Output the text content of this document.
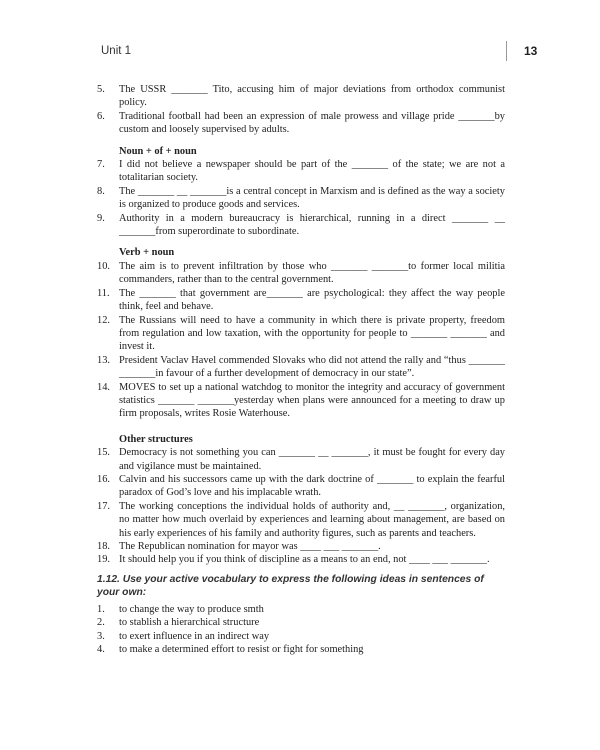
Unit 1	13
5.	The USSR _______ Tito, accusing him of major deviations from orthodox communist policy.
6.	Traditional football had been an expression of male prowess and village pride _______by custom and loosely supervised by adults.
Noun + of + noun
7.	I did not believe a newspaper should be part of the _______ of the state; we are not a totalitarian society.
8.	The _______ __ _______is a central concept in Marxism and is defined as the way a society is organized to produce goods and services.
9.	Authority in a modern bureaucracy is hierarchical, running in a direct _______ __ _______from superordinate to subordinate.
Verb + noun
10. The aim is to prevent infiltration by those who _______ _______to former local militia commanders, rather than to the central government.
11. The _______ that government are_______ are psychological: they affect the way people think, feel and behave.
12. The Russians will need to have a community in which there is private property, freedom from regulation and low taxation, with the opportunity for people to _______ _______ and invest it.
13. President Vaclav Havel commended Slovaks who did not attend the rally and “thus _______ _______in favour of a further development of democracy in our state”.
14. MOVES to set up a national watchdog to monitor the integrity and accuracy of government statistics _______ _______yesterday when plans were announced for a meeting to draw up firm proposals, writes Rosie Waterhouse.
Other structures
15. Democracy is not something you can _______ __ _______, it must be fought for every day and vigilance must be maintained.
16. Calvin and his successors came up with the dark doctrine of _______ to explain the fearful paradox of God’s love and his implacable wrath.
17. The working conceptions the individual holds of authority and, __ _______, organization, no matter how much overlaid by experiences and learning about management, are based on his early experiences of his family and authority figures, such as parents and teachers.
18. The Republican nomination for mayor was ____ ___ _______.
19. It should help you if you think of discipline as a means to an end, not ____ ___ _______.
1.12. Use your active vocabulary to express the following ideas in sentences of your own:
1.	to change the way to produce smth
2.	to stablish a hierarchical structure
3.	to exert influence in an indirect way
4.	to make a determined effort to resist or fight for something
